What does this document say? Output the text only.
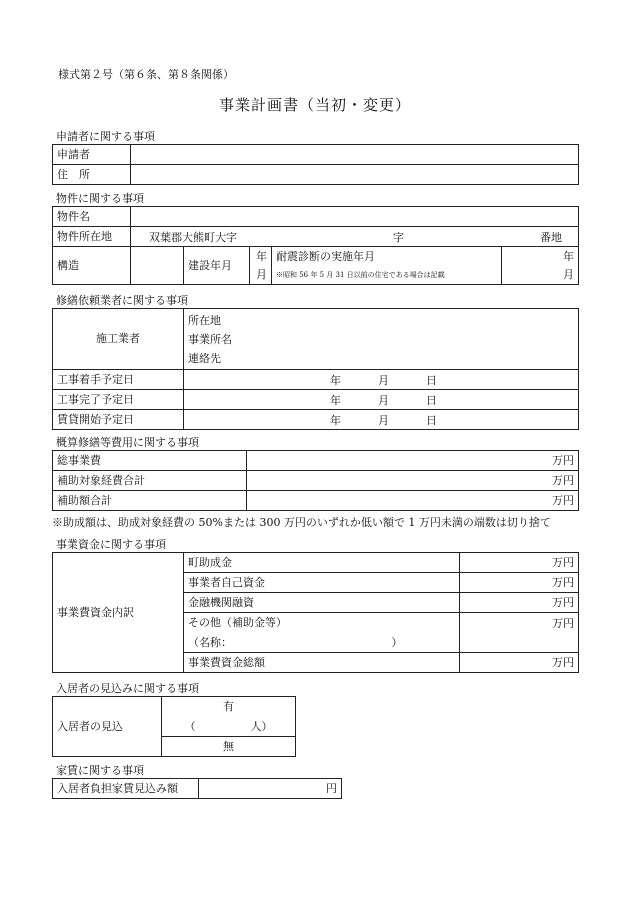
様式第２号（第６条、第８条関係）
事業計画書（当初・変更）
申請者に関する事項
申請者	
住　所	
物件に関する事項
物件名					
物件所在地	双葉郡大熊町大字 字 番地				

構造		建設年月	年	耐震診断の実施年月	年
			月	※昭和 56 年 5 月 31 日以前の住宅である場合は記載	月
修繕依頼業者に関する事項
施工業者	所在地
事業所名
連絡先

工事着手予定日	年 月 日

工事完了予定日	年 月 日

賃貸開始予定日	年 月 日
概算修繕等費用に関する事項
総事業費	万円
補助対象経費合計	万円
補助額合計	万円
※助成額は、助成対象経費の 50%または 300 万円のいずれか低い額で 1 万円未満の端数は切り捨て
事業資金に関する事項
事業費資金内訳	町助成金	万円
	事業者自己資金	万円
	金融機関融資	万円
	その他（補助金等）	万円
	（名称：　　　　　　　　　　　　　　　）	
	事業費資金総額	万円
入居者の見込みに関する事項
入居者の見込	有
（　　　　　人）
無
家賃に関する事項
入居者負担家賃見込み額	円
